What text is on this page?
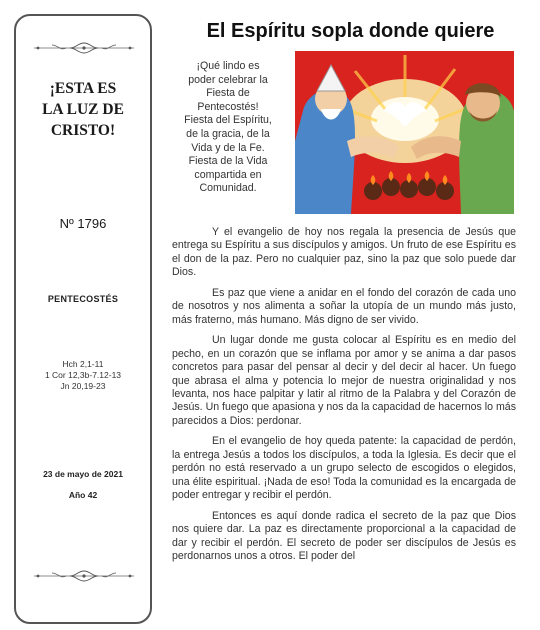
¡ESTA ES
LA LUZ DE
CRISTO!
Nº 1796
PENTECOSTÉS
Hch 2,1-11
1 Cor 12,3b-7.12-13
Jn 20,19-23
23 de mayo de 2021
Año 42
El Espíritu sopla donde quiere
¡Qué lindo es
poder celebrar la
Fiesta de
Pentecostés!
Fiesta del Espíritu,
de la gracia, de la
Vida y de la Fe.
Fiesta de la Vida
compartida en
Comunidad.

Y el evangelio de hoy nos regala la presencia de Jesús que entrega su Espíritu a sus discípulos y amigos. Un fruto de ese Espíritu es el don de la paz. Pero no cualquier paz, sino la paz que solo puede dar Dios.

Es paz que viene a anidar en el fondo del corazón de cada uno de nosotros y nos alimenta a soñar la utopía de un mundo más justo, más fraterno, más humano. Más digno de ser vivido.

Un lugar donde me gusta colocar al Espíritu es en medio del pecho, en un corazón que se inflama por amor y se anima a dar pasos concretos para pasar del pensar al decir y del decir al hacer. Un fuego que abrasa el alma y potencia lo mejor de nuestra originalidad y nos levanta, nos hace palpitar y latir al ritmo de la Palabra y del Corazón de Jesús. Un fuego que apasiona y nos da la capacidad de hacernos lo más parecidos a Dios: perdonar.

En el evangelio de hoy queda patente: la capacidad de perdón, la entrega Jesús a todos los discípulos, a toda la Iglesia. Es decir que el perdón no está reservado a un grupo selecto de escogidos o elegidos, una élite espiritual. ¡Nada de eso! Toda la comunidad es la encargada de poder entregar y recibir el perdón.

Entonces es aquí donde radica el secreto de la paz que Dios nos quiere dar. La paz es directamente proporcional a la capacidad de dar y recibir el perdón. El secreto de poder ser discípulos de Jesús es perdonarnos unos a otros. El poder del
